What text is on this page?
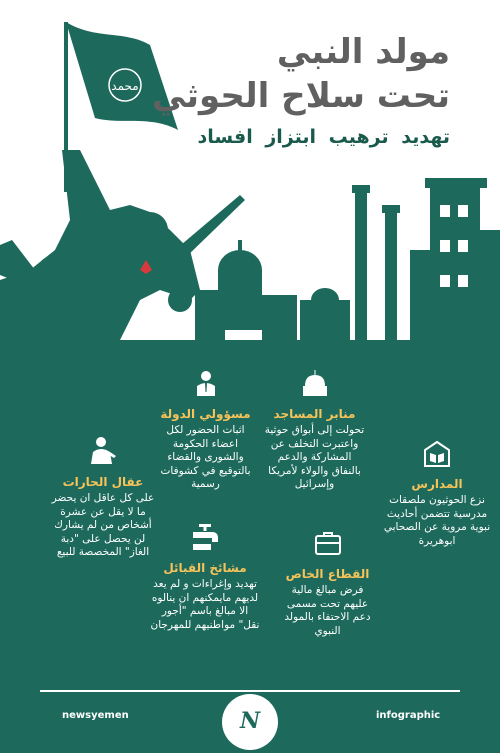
محمد
مولد النبي
تحت سلاح الحوثي
تهديد ترهيب ابتزاز افساد
مسؤولي الدولة
اثبات الحضور لكل اعضاء الحكومة والشورى والقضاء بالتوقيع في كشوفات رسمية
منابر المساجد
تحولت إلى أبواق حوثية واعتبرت التخلف عن المشاركة والدعم بالنفاق والولاء لأمريكا وإسرائيل
عقال الحارات
على كل عاقل ان يحضر ما لا يقل عن عشرة أشخاص من لم يشارك لن يحصل على "دبة الغاز" المخصصة للبيع
المدارس
نزع الحوثيون ملصقات مدرسية تتضمن أحاديث نبوية مروية عن الصحابي ابوهريرة
مشائخ القبائل
تهديد وإغراءات و لم يعد لديهم مايمكنهم ان ينالوه الا مبالغ باسم "أجور نقل" مواطنيهم للمهرجان
القطاع الخاص
فرض مبالغ مالية عليهم تحت مسمى دعم الاحتفاء بالمولد النبوي
N
newsyemen	infographic
